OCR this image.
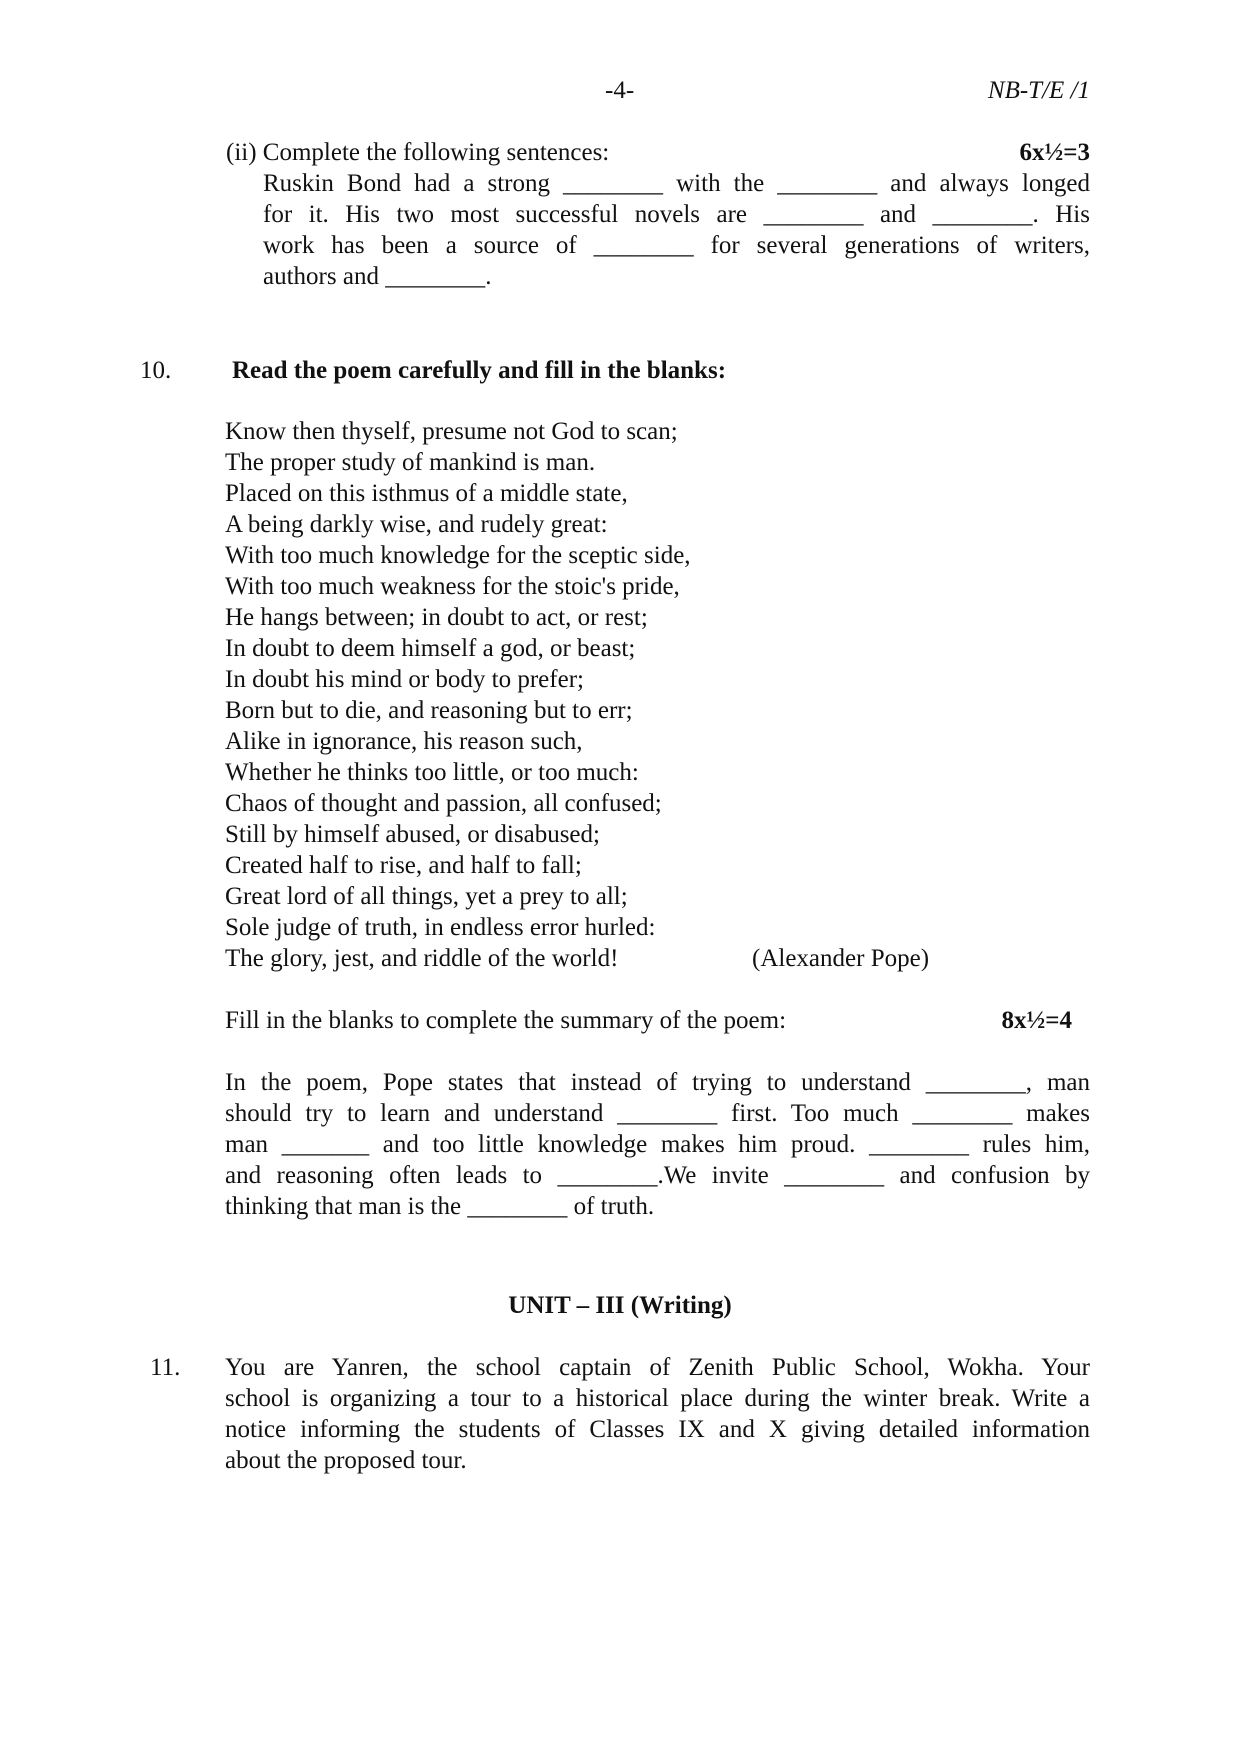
-4-	NB-T/E /1
(ii) Complete the following sentences:	6x½=3
Ruskin Bond had a strong ________ with the ________ and always longed
for it. His two most successful novels are ________ and ________. His
work has been a source of ________ for several generations of writers,
authors and ________.
10. Read the poem carefully and fill in the blanks:
Know then thyself, presume not God to scan;
The proper study of mankind is man.
Placed on this isthmus of a middle state,
A being darkly wise, and rudely great:
With too much knowledge for the sceptic side,
With too much weakness for the stoic's pride,
He hangs between; in doubt to act, or rest;
In doubt to deem himself a god, or beast;
In doubt his mind or body to prefer;
Born but to die, and reasoning but to err;
Alike in ignorance, his reason such,
Whether he thinks too little, or too much:
Chaos of thought and passion, all confused;
Still by himself abused, or disabused;
Created half to rise, and half to fall;
Great lord of all things, yet a prey to all;
Sole judge of truth, in endless error hurled:
The glory, jest, and riddle of the world!	(Alexander Pope)
Fill in the blanks to complete the summary of the poem:	8x½=4
In the poem, Pope states that instead of trying to understand ________, man
should try to learn and understand ________ first. Too much ________ makes
man _______ and too little knowledge makes him proud. ________ rules him,
and reasoning often leads to ________.We invite ________ and confusion by
thinking that man is the ________ of truth.
UNIT – III (Writing)
11. You are Yanren, the school captain of Zenith Public School, Wokha. Your
school is organizing a tour to a historical place during the winter break. Write a
notice informing the students of Classes IX and X giving detailed information
about the proposed tour.
